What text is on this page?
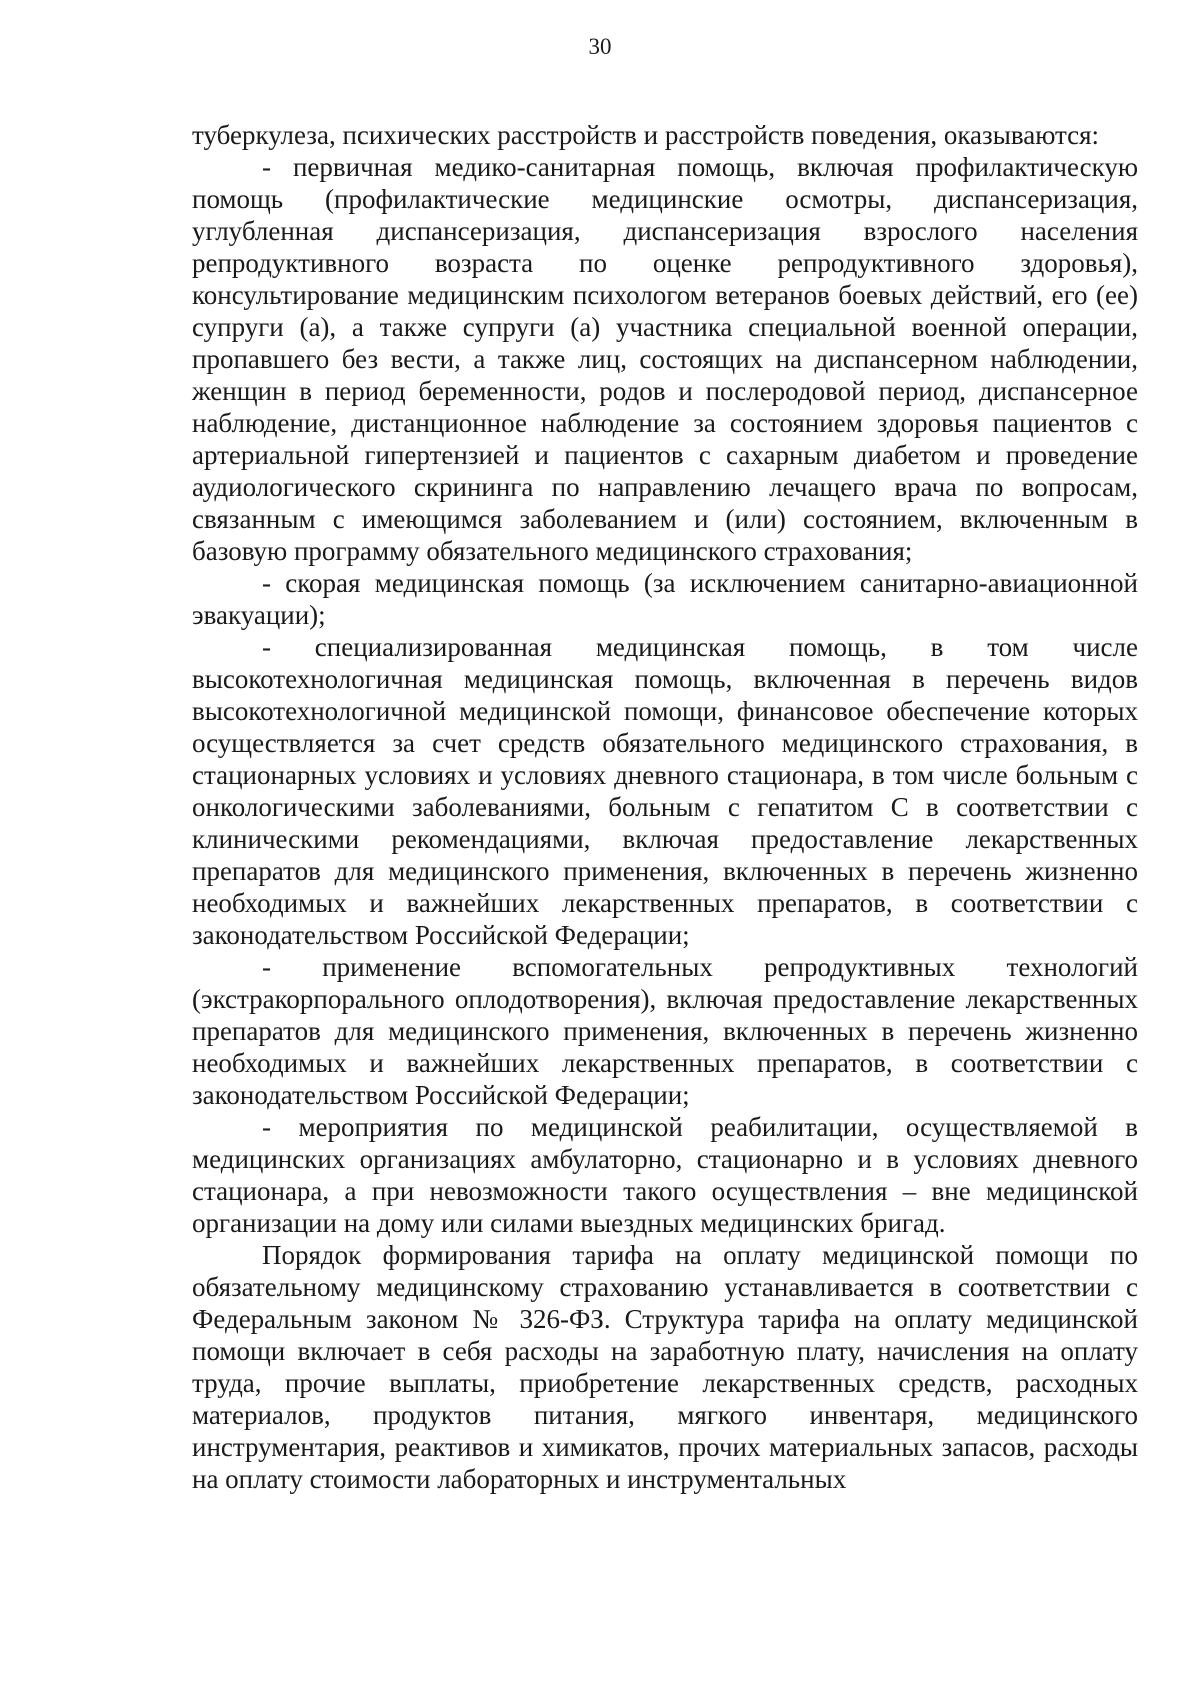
30

туберкулеза, психических расстройств и расстройств поведения, оказываются:

- первичная медико-санитарная помощь, включая профилактическую помощь (профилактические медицинские осмотры, диспансеризация, углубленная диспансеризация, диспансеризация взрослого населения репродуктивного возраста по оценке репродуктивного здоровья), консультирование медицинским психологом ветеранов боевых действий, его (ее) супруги (а), а также супруги (а) участника специальной военной операции, пропавшего без вести, а также лиц, состоящих на диспансерном наблюдении, женщин в период беременности, родов и послеродовой период, диспансерное наблюдение, дистанционное наблюдение за состоянием здоровья пациентов с артериальной гипертензией и пациентов с сахарным диабетом и проведение аудиологического скрининга по направлению лечащего врача по вопросам, связанным с имеющимся заболеванием и (или) состоянием, включенным в базовую программу обязательного медицинского страхования;

- скорая медицинская помощь (за исключением санитарно-авиационной эвакуации);

- специализированная медицинская помощь, в том числе высокотехнологичная медицинская помощь, включенная в перечень видов высокотехнологичной медицинской помощи, финансовое обеспечение которых осуществляется за счет средств обязательного медицинского страхования, в стационарных условиях и условиях дневного стационара, в том числе больным с онкологическими заболеваниями, больным с гепатитом С в соответствии с клиническими рекомендациями, включая предоставление лекарственных препаратов для медицинского применения, включенных в перечень жизненно необходимых и важнейших лекарственных препаратов, в соответствии с законодательством Российской Федерации;

- применение вспомогательных репродуктивных технологий (экстракорпорального оплодотворения), включая предоставление лекарственных препаратов для медицинского применения, включенных в перечень жизненно необходимых и важнейших лекарственных препаратов, в соответствии с законодательством Российской Федерации;

- мероприятия по медицинской реабилитации, осуществляемой в медицинских организациях амбулаторно, стационарно и в условиях дневного стационара, а при невозможности такого осуществления – вне медицинской организации на дому или силами выездных медицинских бригад.

Порядок формирования тарифа на оплату медицинской помощи по обязательному медицинскому страхованию устанавливается в соответствии с Федеральным законом № 326-ФЗ. Структура тарифа на оплату медицинской помощи включает в себя расходы на заработную плату, начисления на оплату труда, прочие выплаты, приобретение лекарственных средств, расходных материалов, продуктов питания, мягкого инвентаря, медицинского инструментария, реактивов и химикатов, прочих материальных запасов, расходы на оплату стоимости лабораторных и инструментальных
